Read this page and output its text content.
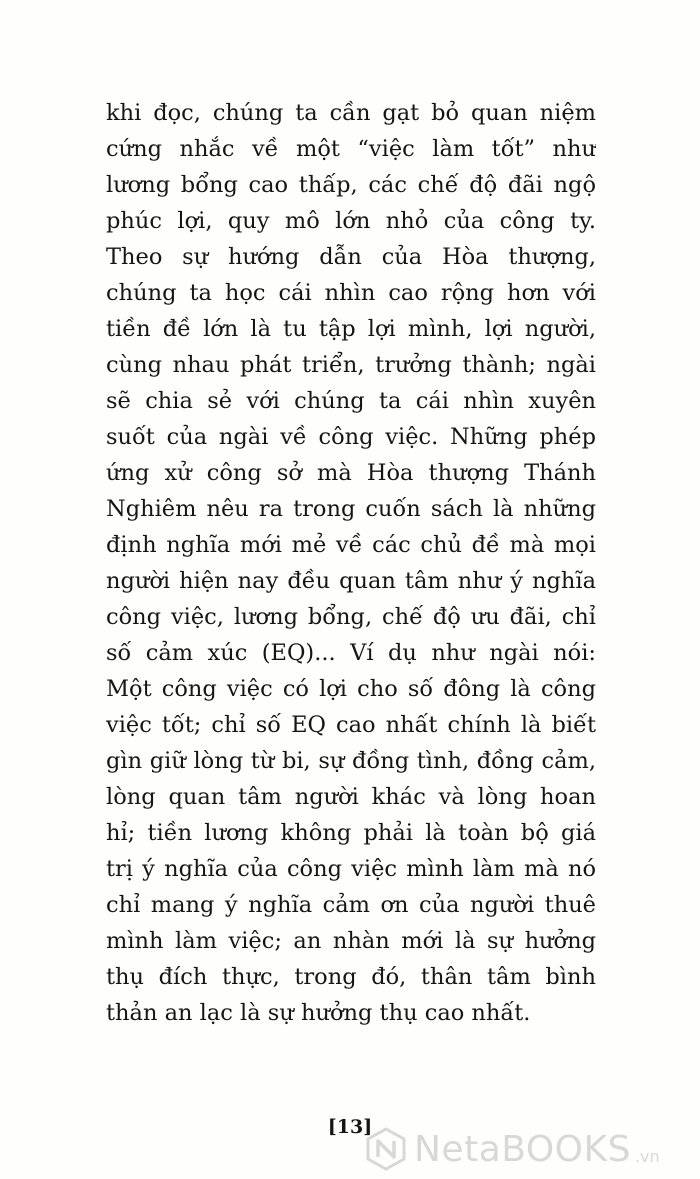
khi đọc, chúng ta cần gạt bỏ quan niệm
cứng nhắc về một “việc làm tốt” như
lương bổng cao thấp, các chế độ đãi ngộ
phúc lợi, quy mô lớn nhỏ của công ty.
Theo sự hướng dẫn của Hòa thượng,
chúng ta học cái nhìn cao rộng hơn với
tiền đề lớn là tu tập lợi mình, lợi người,
cùng nhau phát triển, trưởng thành; ngài
sẽ chia sẻ với chúng ta cái nhìn xuyên
suốt của ngài về công việc. Những phép
ứng xử công sở mà Hòa thượng Thánh
Nghiêm nêu ra trong cuốn sách là những
định nghĩa mới mẻ về các chủ đề mà mọi
người hiện nay đều quan tâm như ý nghĩa
công việc, lương bổng, chế độ ưu đãi, chỉ
số cảm xúc (EQ)... Ví dụ như ngài nói:
Một công việc có lợi cho số đông là công
việc tốt; chỉ số EQ cao nhất chính là biết
gìn giữ lòng từ bi, sự đồng tình, đồng cảm,
lòng quan tâm người khác và lòng hoan
hỉ; tiền lương không phải là toàn bộ giá
trị ý nghĩa của công việc mình làm mà nó
chỉ mang ý nghĩa cảm ơn của người thuê
mình làm việc; an nhàn mới là sự hưởng
thụ đích thực, trong đó, thân tâm bình
thản an lạc là sự hưởng thụ cao nhất.
[13]
NetaBOOKS .vn
